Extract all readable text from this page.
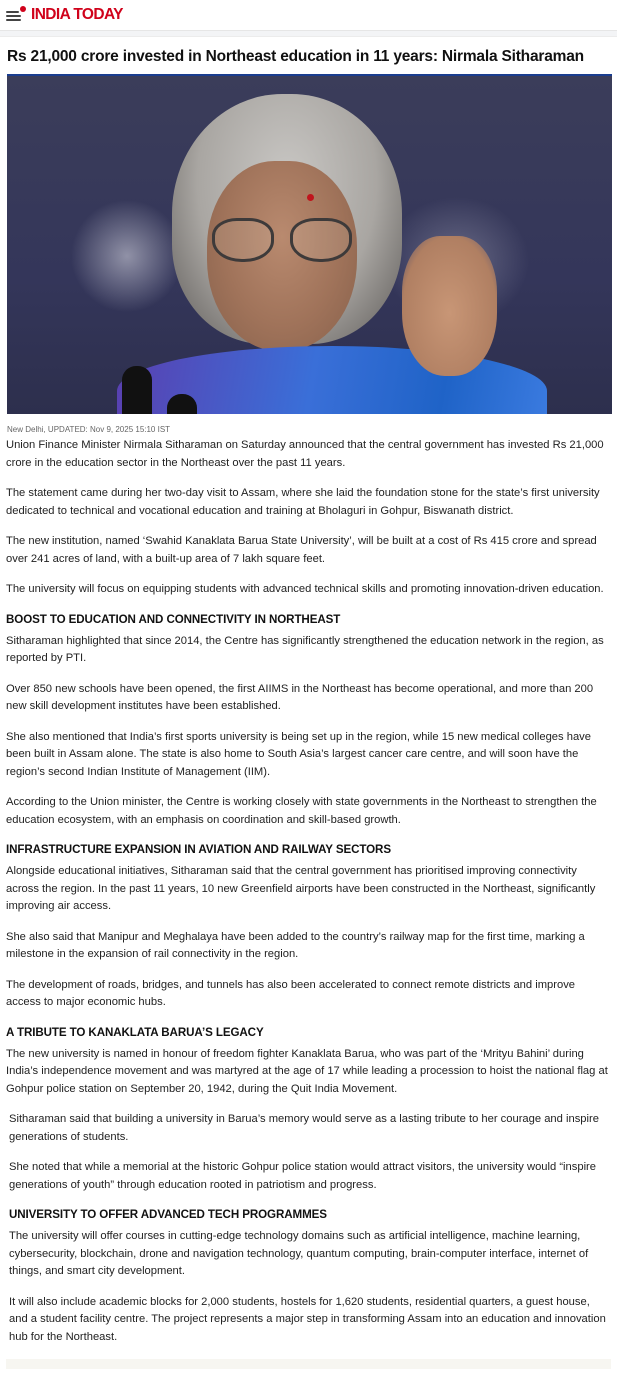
INDIA TODAY
Rs 21,000 crore invested in Northeast education in 11 years: Nirmala Sitharaman
New Delhi, UPDATED: Nov 9, 2025 15:10 IST

Union Finance Minister Nirmala Sitharaman on Saturday announced that the central government has invested Rs 21,000 crore in the education sector in the Northeast over the past 11 years.

The statement came during her two-day visit to Assam, where she laid the foundation stone for the state’s first university dedicated to technical and vocational education and training at Bholaguri in Gohpur, Biswanath district.

The new institution, named ‘Swahid Kanaklata Barua State University’, will be built at a cost of Rs 415 crore and spread over 241 acres of land, with a built-up area of 7 lakh square feet.

The university will focus on equipping students with advanced technical skills and promoting innovation-driven education.

BOOST TO EDUCATION AND CONNECTIVITY IN NORTHEAST

Sitharaman highlighted that since 2014, the Centre has significantly strengthened the education network in the region, as reported by PTI.

Over 850 new schools have been opened, the first AIIMS in the Northeast has become operational, and more than 200 new skill development institutes have been established.

She also mentioned that India’s first sports university is being set up in the region, while 15 new medical colleges have been built in Assam alone. The state is also home to South Asia’s largest cancer care centre, and will soon have the region’s second Indian Institute of Management (IIM).

According to the Union minister, the Centre is working closely with state governments in the Northeast to strengthen the education ecosystem, with an emphasis on coordination and skill-based growth.

INFRASTRUCTURE EXPANSION IN AVIATION AND RAILWAY SECTORS

Alongside educational initiatives, Sitharaman said that the central government has prioritised improving connectivity across the region. In the past 11 years, 10 new Greenfield airports have been constructed in the Northeast, significantly improving air access.

She also said that Manipur and Meghalaya have been added to the country’s railway map for the first time, marking a milestone in the expansion of rail connectivity in the region.

The development of roads, bridges, and tunnels has also been accelerated to connect remote districts and improve access to major economic hubs.

A TRIBUTE TO KANAKLATA BARUA’S LEGACY

The new university is named in honour of freedom fighter Kanaklata Barua, who was part of the ‘Mrityu Bahini’ during India’s independence movement and was martyred at the age of 17 while leading a procession to hoist the national flag at Gohpur police station on September 20, 1942, during the Quit India Movement.

Sitharaman said that building a university in Barua’s memory would serve as a lasting tribute to her courage and inspire generations of students.

She noted that while a memorial at the historic Gohpur police station would attract visitors, the university would “inspire generations of youth” through education rooted in patriotism and progress.

UNIVERSITY TO OFFER ADVANCED TECH PROGRAMMES

The university will offer courses in cutting-edge technology domains such as artificial intelligence, machine learning, cybersecurity, blockchain, drone and navigation technology, quantum computing, brain-computer interface, internet of things, and smart city development.

It will also include academic blocks for 2,000 students, hostels for 1,620 students, residential quarters, a guest house, and a student facility centre. The project represents a major step in transforming Assam into an education and innovation hub for the Northeast.
